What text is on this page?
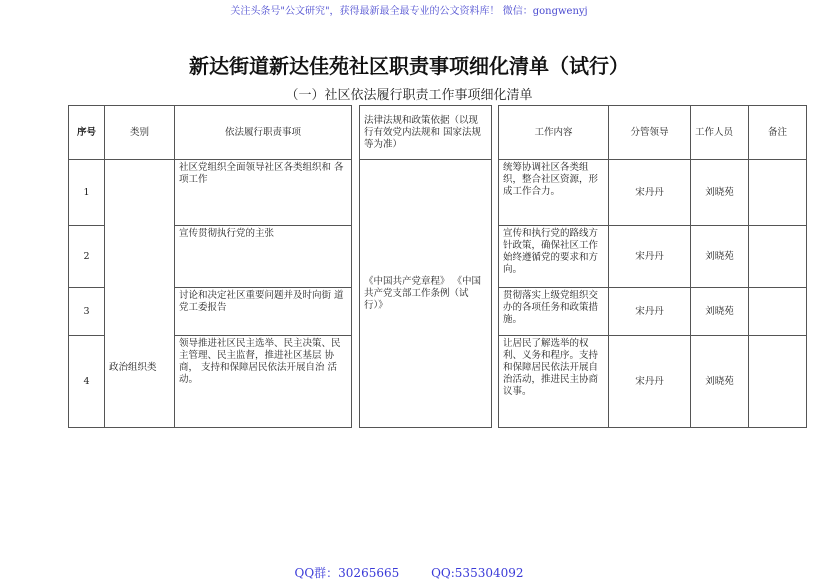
关注头条号"公文研究"，获得最新最全最专业的公文资料库！ 微信：gongwenyj
新达街道新达佳苑社区职责事项细化清单（试行）
（一）社区依法履行职责工作事项细化清单
序号	类别	依法履行职责事项		法律法规和政策依据（以现行有效党内法规和 国家法规等为准）		工作内容	分管领导	工作人员	备注
1	政治组织类	社区党组织全面领导社区各类组织和 各项工作		《中国共产党章程》 《中国共产党支部工作条例（试行）》		统筹协调社区各类组织，整合社区资源，形 成工作合力。	宋丹丹	刘晓苑	
2		宣传贯彻执行党的主张				宣传和执行党的路线方 针政策，确保社区工作 始终遵循党的要求和方 向。	宋丹丹	刘晓苑	
3		讨论和决定社区重要问题并及时向街 道党工委报告				贯彻落实上级党组织交 办的各项任务和政策措 施。	宋丹丹	刘晓苑	
4		领导推进社区民主选举、民主决策、民 主管理、民主监督，推进社区基层 协商， 支持和保障居民依法开展自治 活动。				让居民了解选举的权利、义务和程序。支持 和保障居民依法开展自 治活动，推进民主协商 议事。	宋丹丹	刘晓苑	
QQ群：30265665	QQ:535304092
